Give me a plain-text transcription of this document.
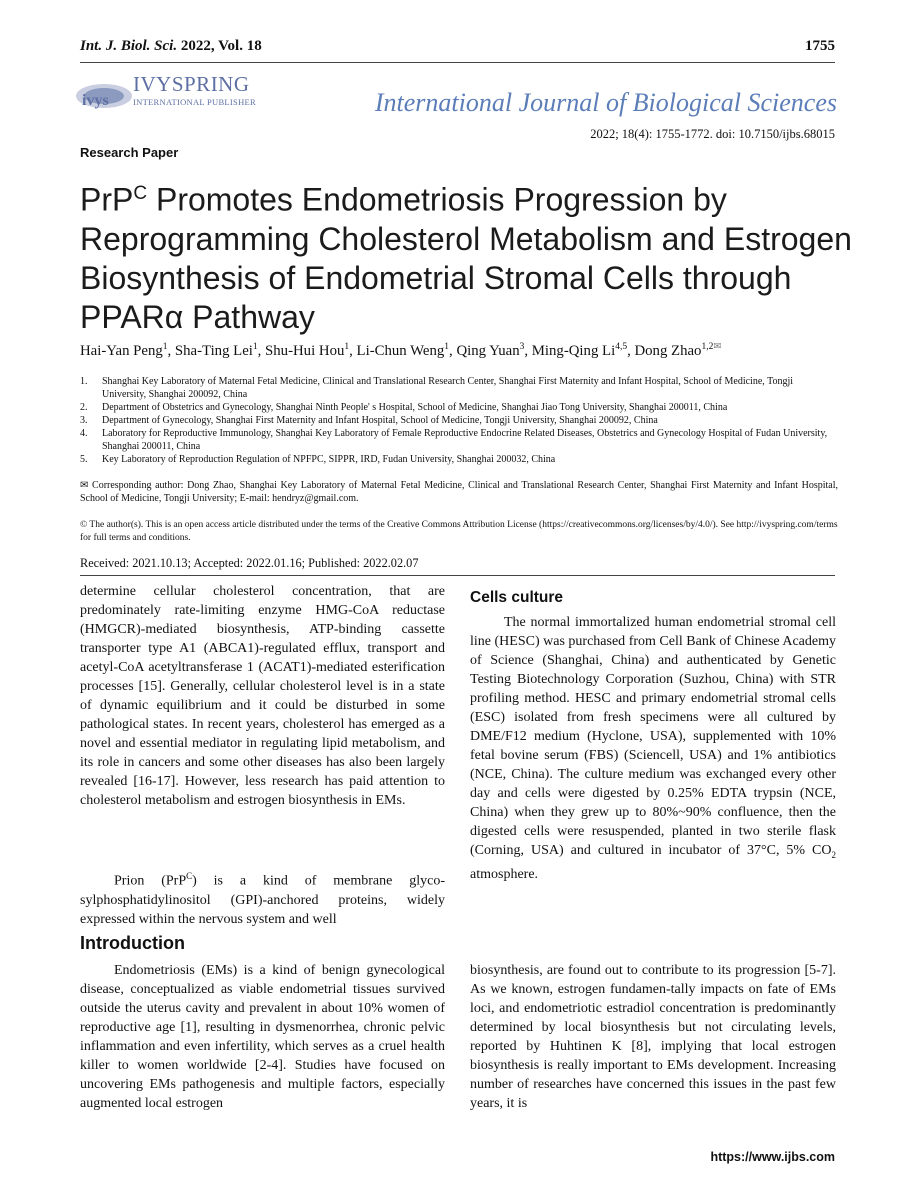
Int. J. Biol. Sci. 2022, Vol. 18	1755
ivys
IVYSPRING
INTERNATIONAL PUBLISHER	International Journal of Biological Sciences
2022; 18(4): 1755-1772. doi: 10.7150/ijbs.68015
Research Paper
PrP$^C$ Promotes Endometriosis Progression by Reprogramming Cholesterol Metabolism and Estrogen Biosynthesis of Endometrial Stromal Cells through PPARα Pathway
Hai-Yan Peng$^1$, Sha-Ting Lei$^1$, Shu-Hui Hou$^1$, Li-Chun Weng$^1$, Qing Yuan$^3$, Ming-Qing Li$^{4,5}$, Dong Zhao$^{1,2✉}$
1. Shanghai Key Laboratory of Maternal Fetal Medicine, Clinical and Translational Research Center, Shanghai First Maternity and Infant Hospital, School of Medicine, Tongji University, Shanghai 200092, China
2. Department of Obstetrics and Gynecology, Shanghai Ninth People' s Hospital, School of Medicine, Shanghai Jiao Tong University, Shanghai 200011, China
3. Department of Gynecology, Shanghai First Maternity and Infant Hospital, School of Medicine, Tongji University, Shanghai 200092, China
4. Laboratory for Reproductive Immunology, Shanghai Key Laboratory of Female Reproductive Endocrine Related Diseases, Obstetrics and Gynecology Hospital of Fudan University, Shanghai 200011, China
5. Key Laboratory of Reproduction Regulation of NPFPC, SIPPR, IRD, Fudan University, Shanghai 200032, China
✉ Corresponding author: Dong Zhao, Shanghai Key Laboratory of Maternal Fetal Medicine, Clinical and Translational Research Center, Shanghai First Maternity and Infant Hospital, School of Medicine, Tongji University; E-mail: hendryz@gmail.com.
© The author(s). This is an open access article distributed under the terms of the Creative Commons Attribution License (https://creativecommons.org/licenses/by/4.0/). See http://ivyspring.com/terms for full terms and conditions.
Received: 2021.10.13; Accepted: 2022.01.16; Published: 2022.02.07

determine cellular cholesterol concentration, that are predominately rate-limiting enzyme HMG-CoA reductase (HMGCR)-mediated biosynthesis, ATP-binding cassette transporter type A1 (ABCA1)-regulated efflux, transport and acetyl-CoA acetyltransferase 1 (ACAT1)-mediated esterification processes [15]. Generally, cellular cholesterol level is in a state of dynamic equilibrium and it could be disturbed in some pathological states. In recent years, cholesterol has emerged as a novel and essential mediator in regulating lipid metabolism, and its role in cancers and some other diseases has also been largely revealed [16-17]. However, less research has paid attention to cholesterol metabolism and estrogen biosynthesis in EMs.

Prion (PrP$^C$) is a kind of membrane glyco-sylphosphatidylinositol (GPI)-anchored proteins, widely expressed within the nervous system and well

Introduction

Endometriosis (EMs) is a kind of benign gynecological disease, conceptualized as viable endometrial tissues survived outside the uterus cavity and prevalent in about 10% women of reproductive age [1], resulting in dysmenorrhea, chronic pelvic inflammation and even infertility, which serves as a cruel health killer to women worldwide [2-4]. Studies have focused on uncovering EMs pathogenesis and multiple factors, especially augmented local estrogen

Cells culture

The normal immortalized human endometrial stromal cell line (HESC) was purchased from Cell Bank of Chinese Academy of Science (Shanghai, China) and authenticated by Genetic Testing Biotechnology Corporation (Suzhou, China) with STR profiling method. HESC and primary endometrial stromal cells (ESC) isolated from fresh specimens were all cultured by DME/F12 medium (Hyclone, USA), supplemented with 10% fetal bovine serum (FBS) (Sciencell, USA) and 1% antibiotics (NCE, China). The culture medium was exchanged every other day and cells were digested by 0.25% EDTA trypsin (NCE, China) when they grew up to 80%~90% confluence, then the digested cells were resuspended, planted in two sterile flask (Corning, USA) and cultured in incubator of 37°C, 5% $CO_2$ atmosphere.

biosynthesis, are found out to contribute to its progression [5-7]. As we known, estrogen fundamen-tally impacts on fate of EMs loci, and endometriotic estradiol concentration is predominantly determined by local biosynthesis but not circulating levels, reported by Huhtinen K [8], implying that local estrogen biosynthesis is really important to EMs development. Increasing number of researches have concerned this issues in the past few years, it is

https://www.ijbs.com
